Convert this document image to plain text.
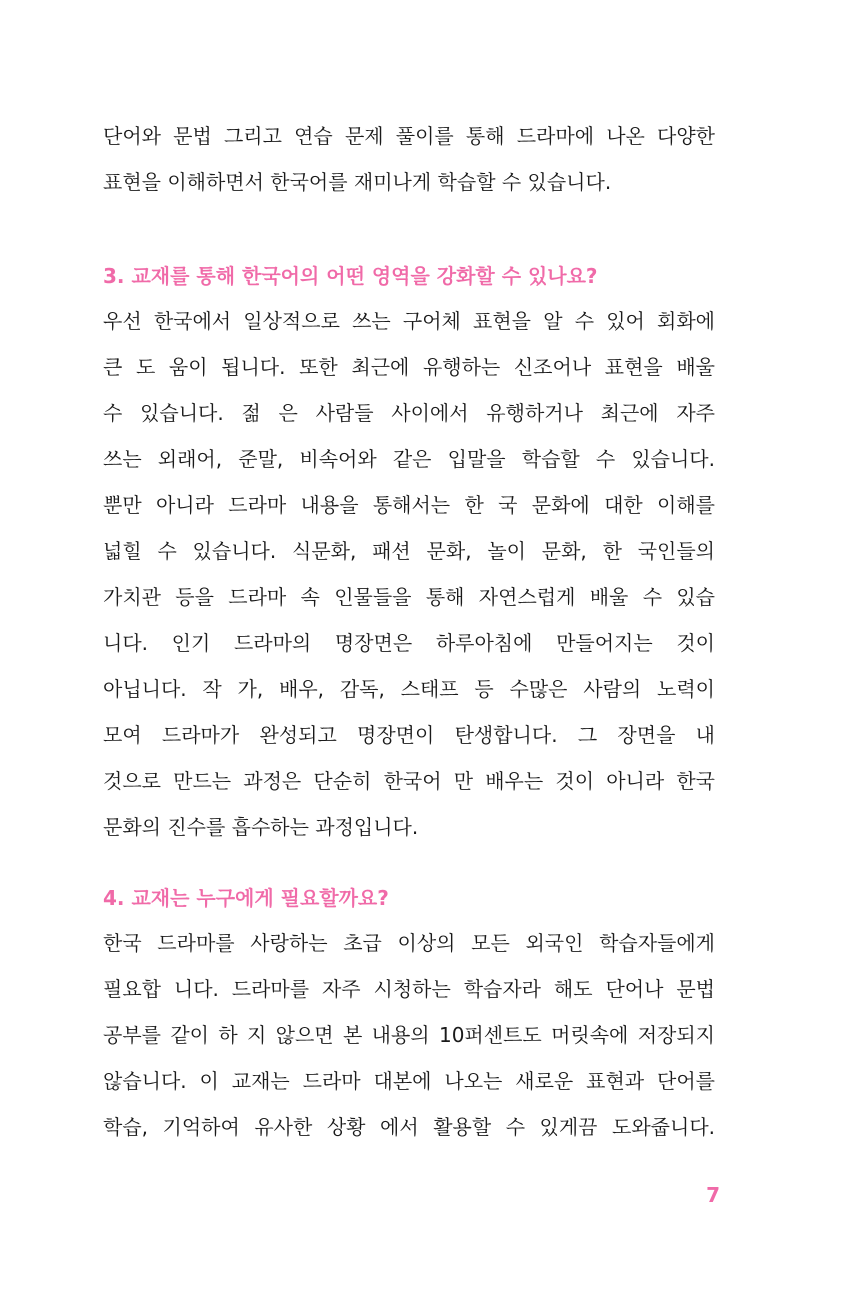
단어와 문법 그리고 연습 문제 풀이를 통해 드라마에 나온 다양한
표현을 이해하면서 한국어를 재미나게 학습할 수 있습니다.
3. 교재를 통해 한국어의 어떤 영역을 강화할 수 있나요?
우선 한국에서 일상적으로 쓰는 구어체 표현을 알 수 있어 회화에
큰 도 움이 됩니다. 또한 최근에 유행하는 신조어나 표현을 배울
수 있습니다. 젊 은 사람들 사이에서 유행하거나 최근에 자주
쓰는 외래어, 준말, 비속어와 같은 입말을 학습할 수 있습니다.
뿐만 아니라 드라마 내용을 통해서는 한 국 문화에 대한 이해를
넓힐 수 있습니다. 식문화, 패션 문화, 놀이 문화, 한 국인들의
가치관 등을 드라마 속 인물들을 통해 자연스럽게 배울 수 있습
니다. 인기 드라마의 명장면은 하루아침에 만들어지는 것이
아닙니다. 작 가, 배우, 감독, 스태프 등 수많은 사람의 노력이
모여 드라마가 완성되고 명장면이 탄생합니다. 그 장면을 내
것으로 만드는 과정은 단순히 한국어 만 배우는 것이 아니라 한국
문화의 진수를 흡수하는 과정입니다.
4. 교재는 누구에게 필요할까요?
한국 드라마를 사랑하는 초급 이상의 모든 외국인 학습자들에게
필요합 니다. 드라마를 자주 시청하는 학습자라 해도 단어나 문법
공부를 같이 하 지 않으면 본 내용의 10퍼센트도 머릿속에 저장되지
않습니다. 이 교재는 드라마 대본에 나오는 새로운 표현과 단어를
학습, 기억하여 유사한 상황 에서 활용할 수 있게끔 도와줍니다.
7
